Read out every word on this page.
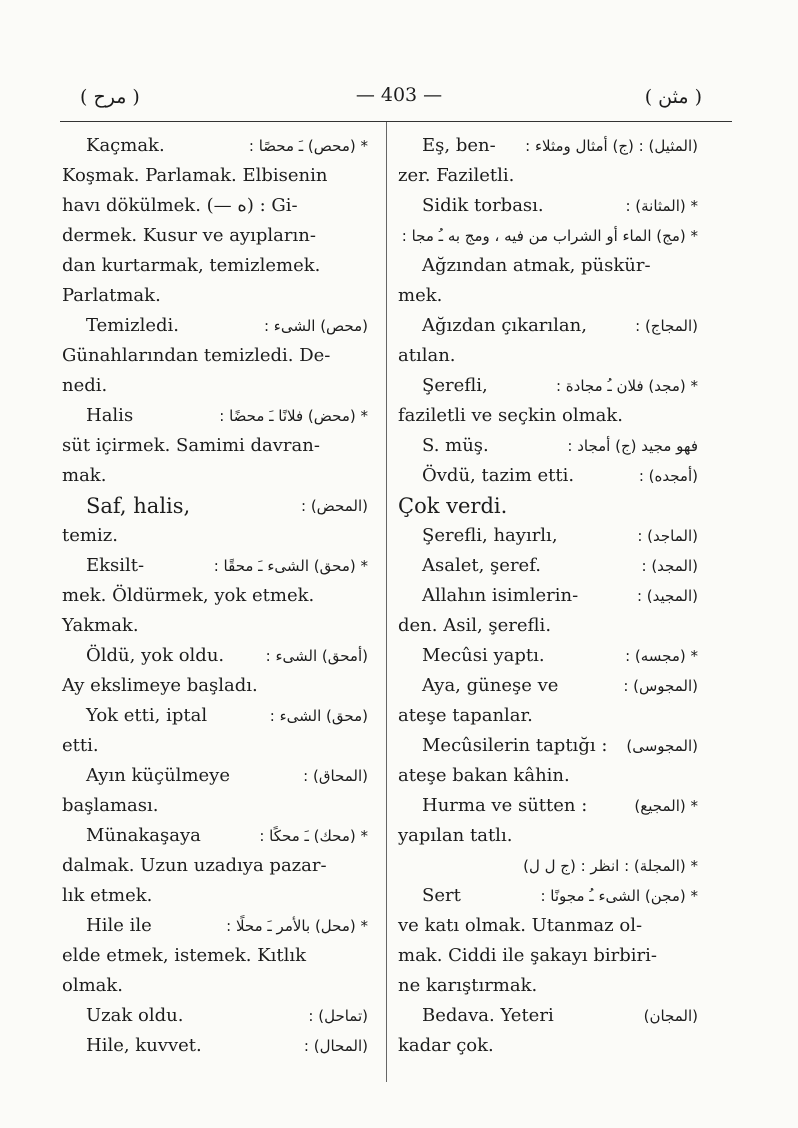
( مرح )	— 403 —	( مثن )
Kaçmak.	* (محص) ـَ محصًا :
Koşmak. Parlamak. Elbisenin
havı dökülmek. (— ه) : Gi-
dermek. Kusur ve ayıpların-
dan kurtarmak, temizlemek.
Parlatmak.
Temizledi.	(محص) الشیء :
Günahlarından temizledi. De-
nedi.
Halis	* (محض) فلانًا ـَ محضًا :
süt içirmek. Samimi davran-
mak.
Saf, halis,	(المحض) :
temiz.
Eksilt-	* (محق) الشیء ـَ محقًا :
mek. Öldürmek, yok etmek.
Yakmak.
Öldü, yok oldu.	(أمحق) الشیء :
Ay ekslimeye başladı.
Yok etti, iptal	(محق) الشیء :
etti.
Ayın küçülmeye	(المحاق) :
başlaması.
Münakaşaya	* (محك) ـَ محكًا :
dalmak. Uzun uzadıya pazar-
lık etmek.
Hile ile	* (محل) بالأمر ـَ محلًا :
elde etmek, istemek. Kıtlık
olmak.
Uzak oldu.	(تماحل) :
Hile, kuvvet.	(المحال) :
Eş, ben- (المثیل) : (ج) أمثال ومثلاء :
zer. Faziletli.
Sidik torbası.	* (المثانة) :
* (مج) الماء أو الشراب من فیه ، ومج به ـُ مجا :
Ağzından atmak, püskür-
mek.
Ağızdan çıkarılan,	(المجاج) :
atılan.
Şerefli,	* (مجد) فلان ـُ مجادة :
faziletli ve seçkin olmak.
S. müş.	فهو مجید (ج) أمجاد :
Övdü, tazim etti.	(أمجده) :
Çok verdi.
Şerefli, hayırlı,	(الماجد) :
Asalet, şeref.	(المجد) :
Allahın isimlerin-	(المجید) :
den. Asil, şerefli.
Mecûsi yaptı.	* (مجسه) :
Aya, güneşe ve	(المجوس) :
ateşe tapanlar.
Mecûsilerin taptığı : (المجوسی)
ateşe bakan kâhin.
Hurma ve sütten :	* (المجیع)
yapılan tatlı.
* (المجلة) : انظر : (ج ل ل)
Sert	* (مجن) الشیء ـُ مجونًا :
ve katı olmak. Utanmaz ol-
mak. Ciddi ile şakayı birbiri-
ne karıştırmak.
Bedava. Yeteri	(المجان)
kadar çok.
